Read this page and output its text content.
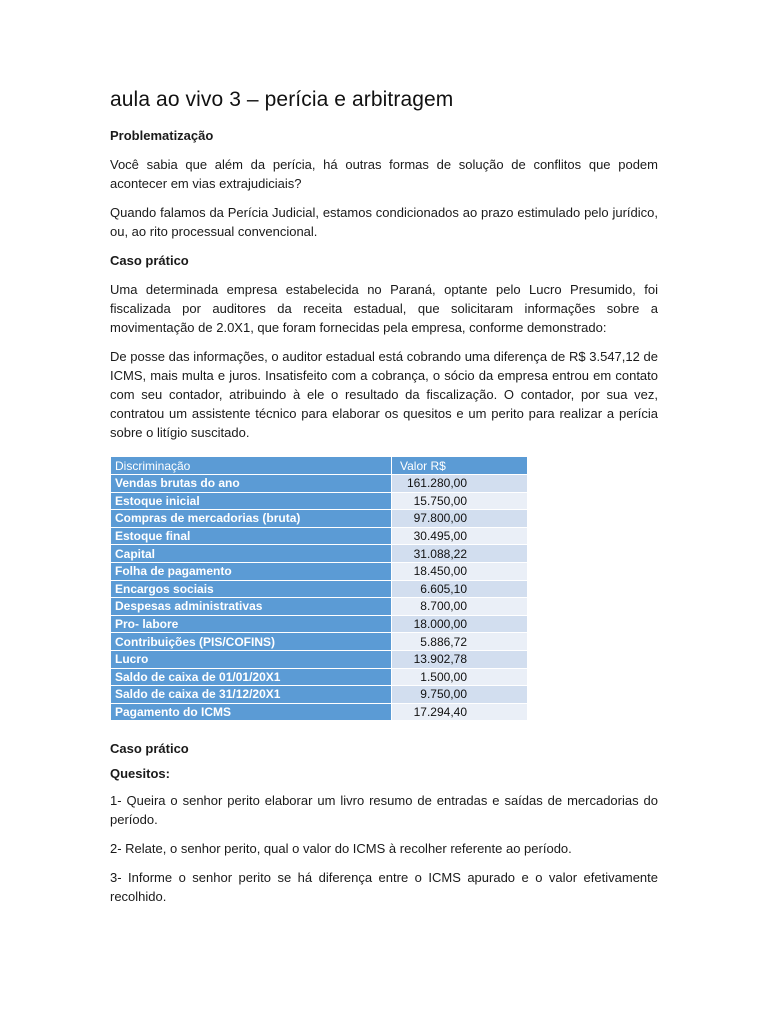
aula ao vivo 3 – perícia e arbitragem
Problematização

Você sabia que além da perícia, há outras formas de solução de conflitos que podem acontecer em vias extrajudiciais?

Quando falamos da Perícia Judicial, estamos condicionados ao prazo estimulado pelo jurídico, ou, ao rito processual convencional.

Caso prático

Uma determinada empresa estabelecida no Paraná, optante pelo Lucro Presumido, foi fiscalizada por auditores da receita estadual, que solicitaram informações sobre a movimentação de 2.0X1, que foram fornecidas pela empresa, conforme demonstrado:

De posse das informações, o auditor estadual está cobrando uma diferença de R$ 3.547,12 de ICMS, mais multa e juros. Insatisfeito com a cobrança, o sócio da empresa entrou em contato com seu contador, atribuindo à ele o resultado da fiscalização. O contador, por sua vez, contratou um assistente técnico para elaborar os quesitos e um perito para realizar a perícia sobre o litígio suscitado.

Discriminação	Valor R$
Vendas brutas do ano	161.280,00
Estoque inicial	15.750,00
Compras de mercadorias (bruta)	97.800,00
Estoque final	30.495,00
Capital	31.088,22
Folha de pagamento	18.450,00
Encargos sociais	6.605,10
Despesas administrativas	8.700,00
Pro- labore	18.000,00
Contribuições (PIS/COFINS)	5.886,72
Lucro	13.902,78
Saldo de caixa de 01/01/20X1	1.500,00
Saldo de caixa de 31/12/20X1	9.750,00
Pagamento do ICMS	17.294,40
Caso prático
Quesitos:

1- Queira o senhor perito elaborar um livro resumo de entradas e saídas de mercadorias do período.

2- Relate, o senhor perito, qual o valor do ICMS à recolher referente ao período.

3- Informe o senhor perito se há diferença entre o ICMS apurado e o valor efetivamente recolhido.
